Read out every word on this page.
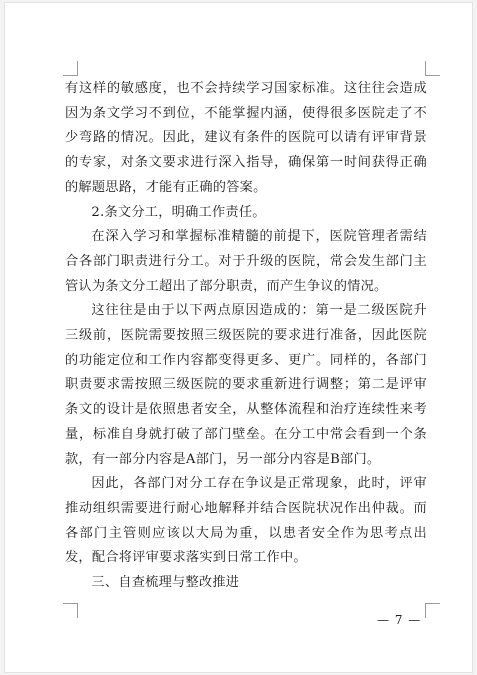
有这样的敏感度，也不会持续学习国家标准。这往往会造成因为条文学习不到位，不能掌握内涵，使得很多医院走了不少弯路的情况。因此，建议有条件的医院可以请有评审背景的专家，对条文要求进行深入指导，确保第一时间获得正确的解题思路，才能有正确的答案。

2.条文分工，明确工作责任。

在深入学习和掌握标准精髓的前提下，医院管理者需结合各部门职责进行分工。对于升级的医院，常会发生部门主管认为条文分工超出了部分职责，而产生争议的情况。

这往往是由于以下两点原因造成的：第一是二级医院升三级前，医院需要按照三级医院的要求进行准备，因此医院的功能定位和工作内容都变得更多、更广。同样的，各部门职责要求需按照三级医院的要求重新进行调整；第二是评审条文的设计是依照患者安全，从整体流程和治疗连续性来考量，标准自身就打破了部门壁垒。在分工中常会看到一个条款，有一部分内容是A部门，另一部分内容是B部门。

因此，各部门对分工存在争议是正常现象，此时，评审推动组织需要进行耐心地解释并结合医院状况作出仲裁。而各部门主管则应该以大局为重，以患者安全作为思考点出发，配合将评审要求落实到日常工作中。

三、自查梳理与整改推进

— 7 —
